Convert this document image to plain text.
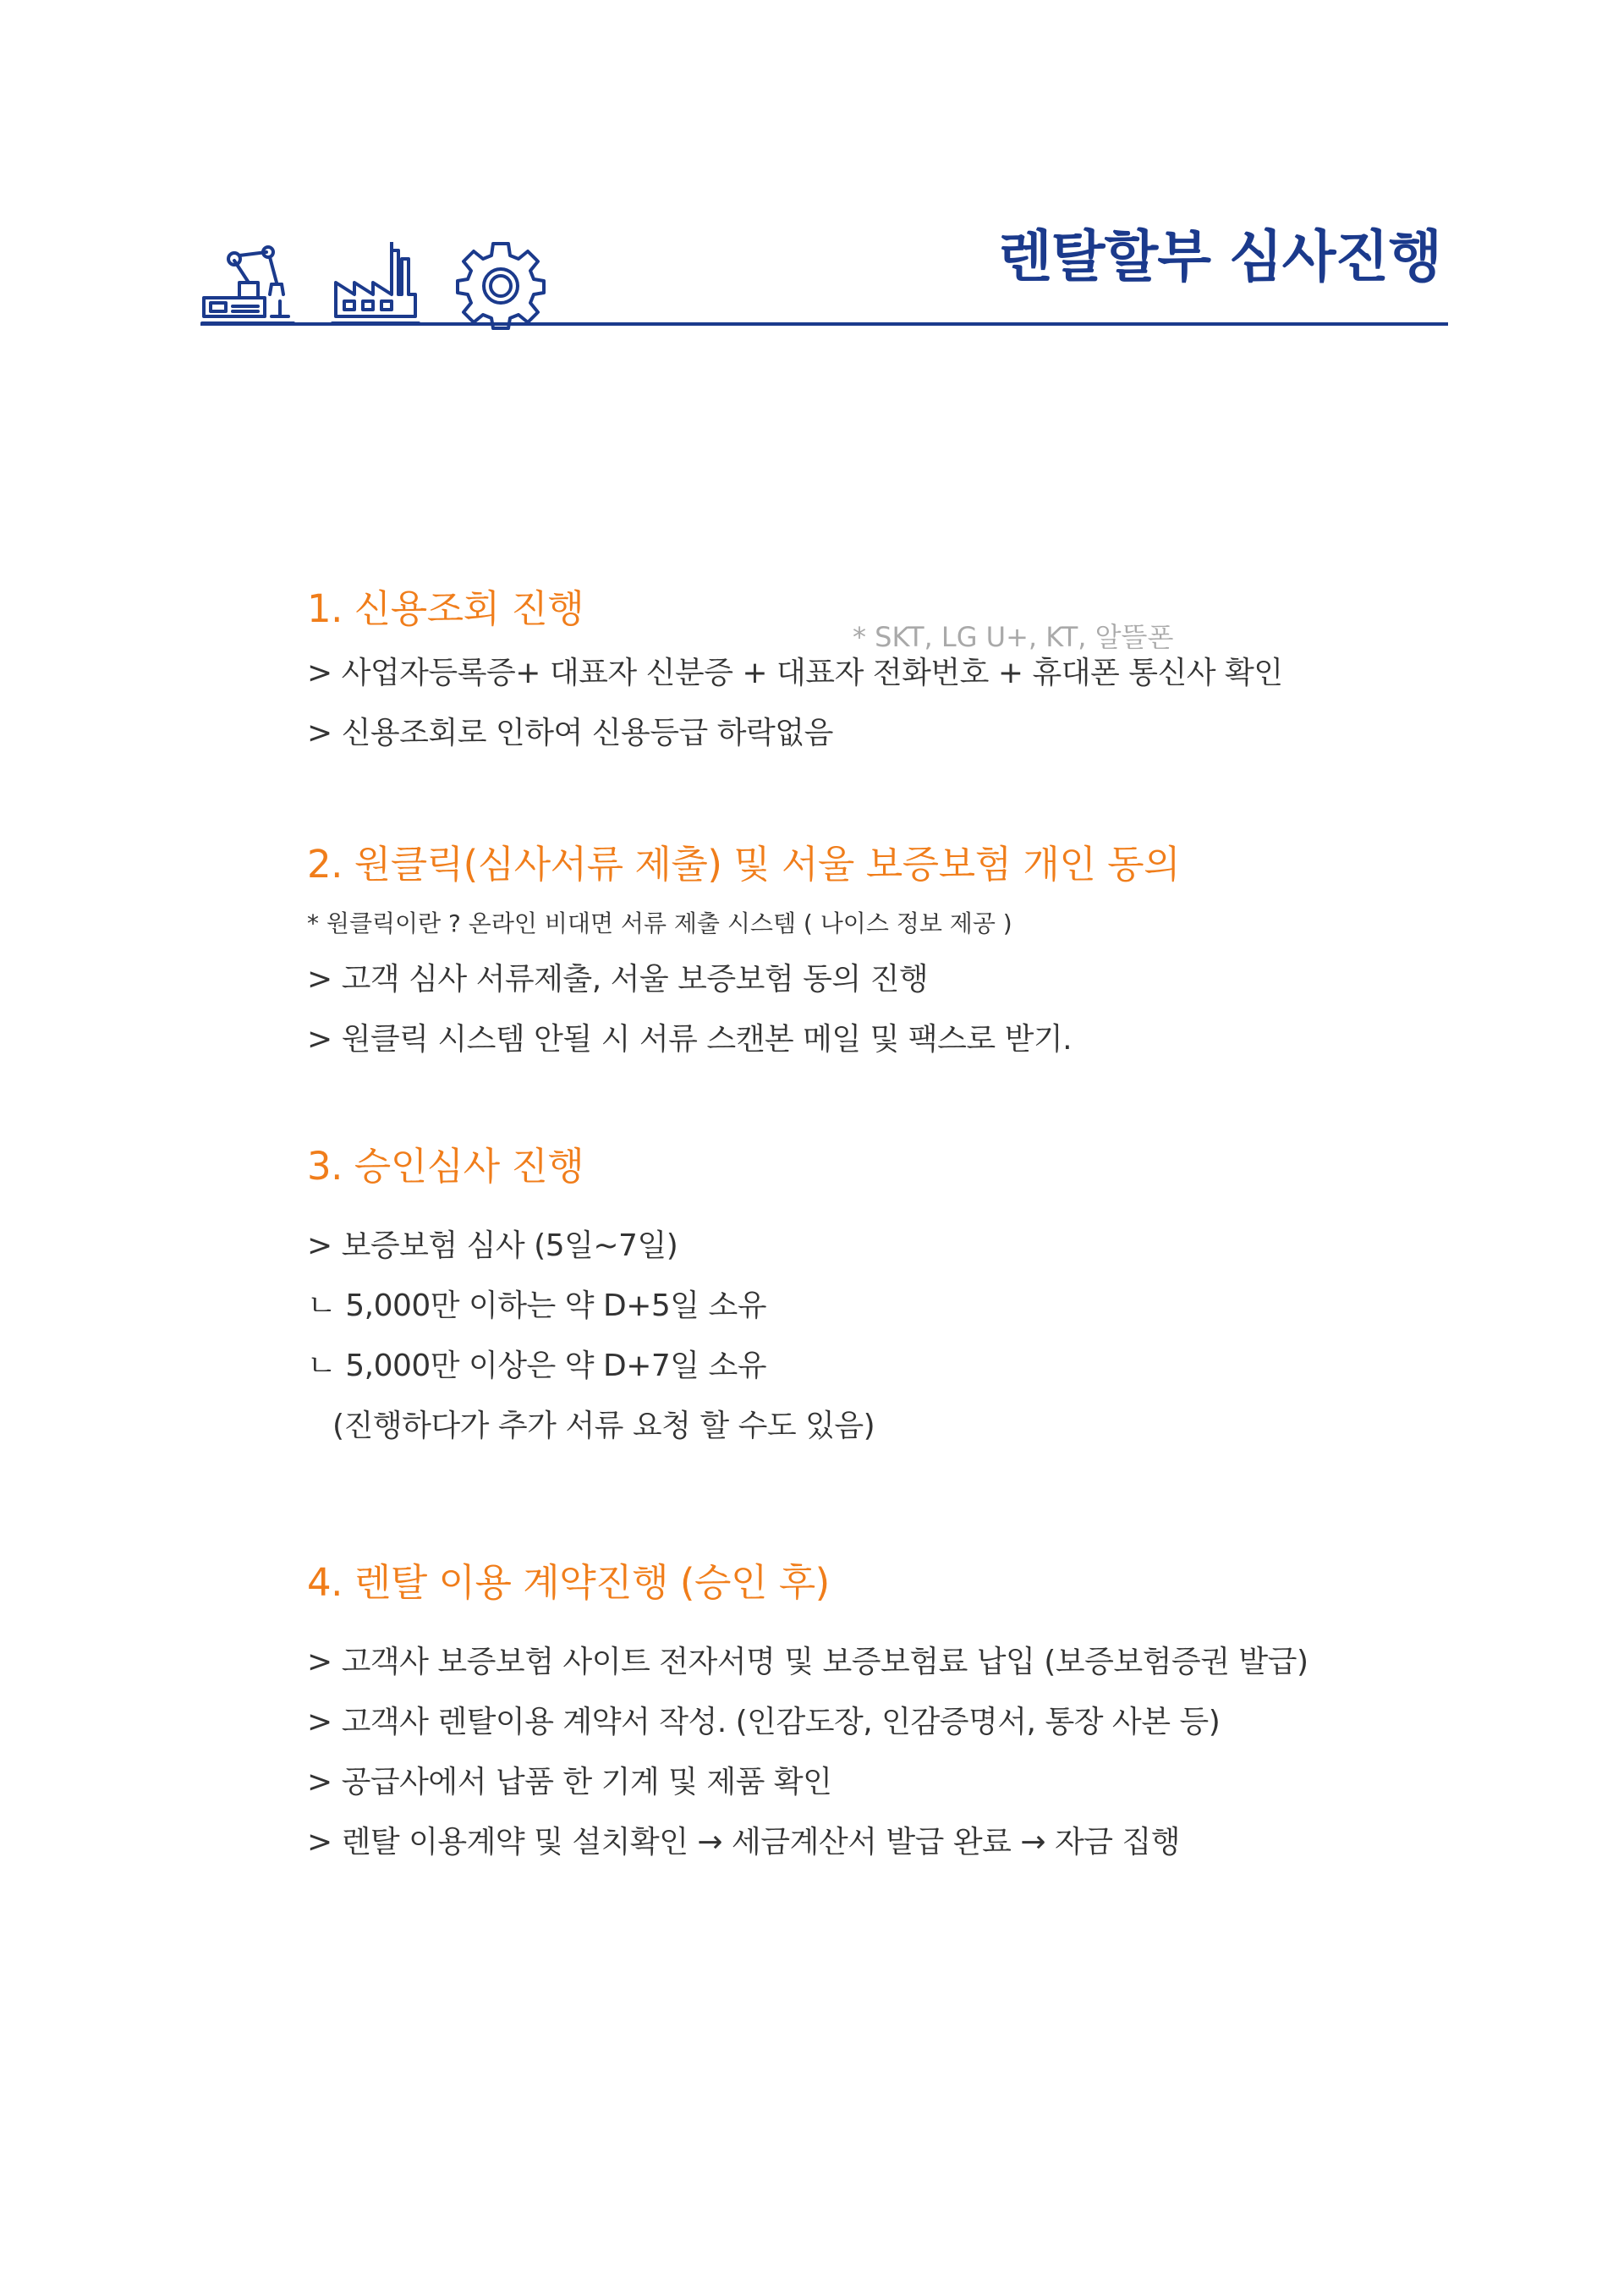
렌탈할부 심사진행
1. 신용조회 진행
* SKT, LG U+, KT, 알뜰폰
> 사업자등록증+ 대표자 신분증 + 대표자 전화번호 + 휴대폰 통신사 확인
> 신용조회로 인하여 신용등급 하락없음
2. 원클릭(심사서류 제출) 및 서울 보증보험 개인 동의
* 원클릭이란 ? 온라인 비대면 서류 제출 시스템 ( 나이스 정보 제공 )
> 고객 심사 서류제출, 서울 보증보험 동의 진행
> 원클릭 시스템 안될 시 서류 스캔본 메일 및 팩스로 받기.
3. 승인심사 진행
> 보증보험 심사 (5일~7일)
ㄴ 5,000만 이하는 약 D+5일 소유
ㄴ 5,000만 이상은 약 D+7일 소유
(진행하다가 추가 서류 요청 할 수도 있음)
4. 렌탈 이용 계약진행 (승인 후)
> 고객사 보증보험 사이트 전자서명 및 보증보험료 납입 (보증보험증권 발급)
> 고객사 렌탈이용 계약서 작성. (인감도장, 인감증명서, 통장 사본 등)
> 공급사에서 납품 한 기계 및 제품 확인
> 렌탈 이용계약 및 설치확인 → 세금계산서 발급 완료 → 자금 집행
